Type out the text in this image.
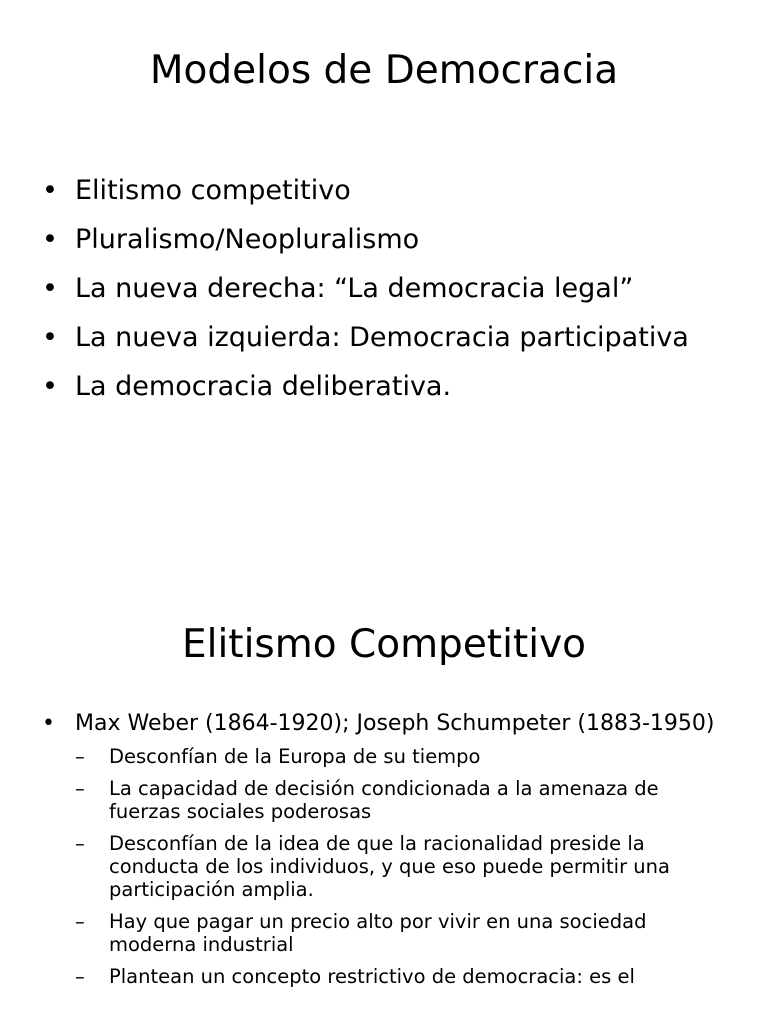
Modelos de Democracia
• Elitismo competitivo
• Pluralismo/Neopluralismo
• La nueva derecha: “La democracia legal”
• La nueva izquierda: Democracia participativa
• La democracia deliberativa.
Elitismo Competitivo
• Max Weber (1864-1920); Joseph Schumpeter (1883-1950)
– Desconfían de la Europa de su tiempo
– La capacidad de decisión condicionada a la amenaza de fuerzas sociales poderosas
– Desconfían de la idea de que la racionalidad preside la conducta de los individuos, y que eso puede permitir una participación amplia.
– Hay que pagar un precio alto por vivir en una sociedad moderna industrial
– Plantean un concepto restrictivo de democracia: es el
